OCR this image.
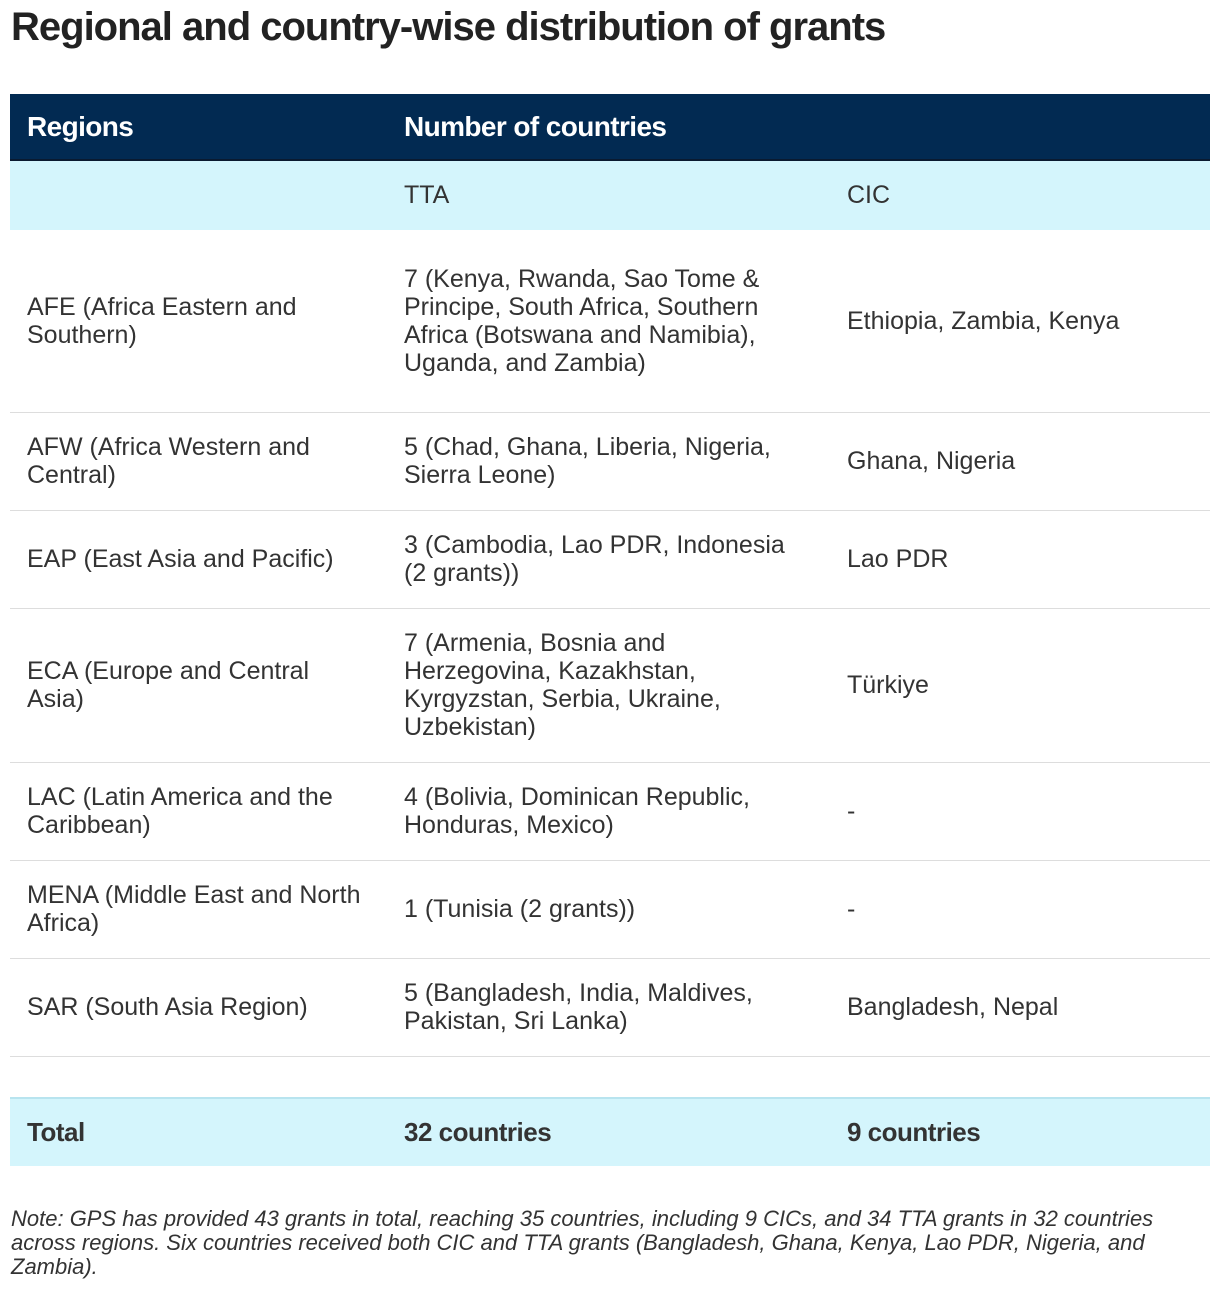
Regional and country-wise distribution of grants
Regions	Number of countries	
	TTA	CIC
AFE (Africa Eastern and Southern)	7 (Kenya, Rwanda, Sao Tome & Principe, South Africa, Southern Africa (Botswana and Namibia), Uganda, and Zambia)	Ethiopia, Zambia, Kenya
AFW (Africa Western and Central)	5 (Chad, Ghana, Liberia, Nigeria, Sierra Leone)	Ghana, Nigeria
EAP (East Asia and Pacific)	3 (Cambodia, Lao PDR, Indonesia (2 grants))	Lao PDR
ECA (Europe and Central Asia)	7 (Armenia, Bosnia and Herzegovina, Kazakhstan, Kyrgyzstan, Serbia, Ukraine, Uzbekistan)	Türkiye
LAC (Latin America and the Caribbean)	4 (Bolivia, Dominican Republic, Honduras, Mexico)	-
MENA (Middle East and North Africa)	1 (Tunisia (2 grants))	-
SAR (South Asia Region)	5 (Bangladesh, India, Maldives, Pakistan, Sri Lanka)	Bangladesh, Nepal

Total	32 countries	9 countries

Note: GPS has provided 43 grants in total, reaching 35 countries, including 9 CICs, and 34 TTA grants in 32 countries across regions. Six countries received both CIC and TTA grants (Bangladesh, Ghana, Kenya, Lao PDR, Nigeria, and Zambia).
